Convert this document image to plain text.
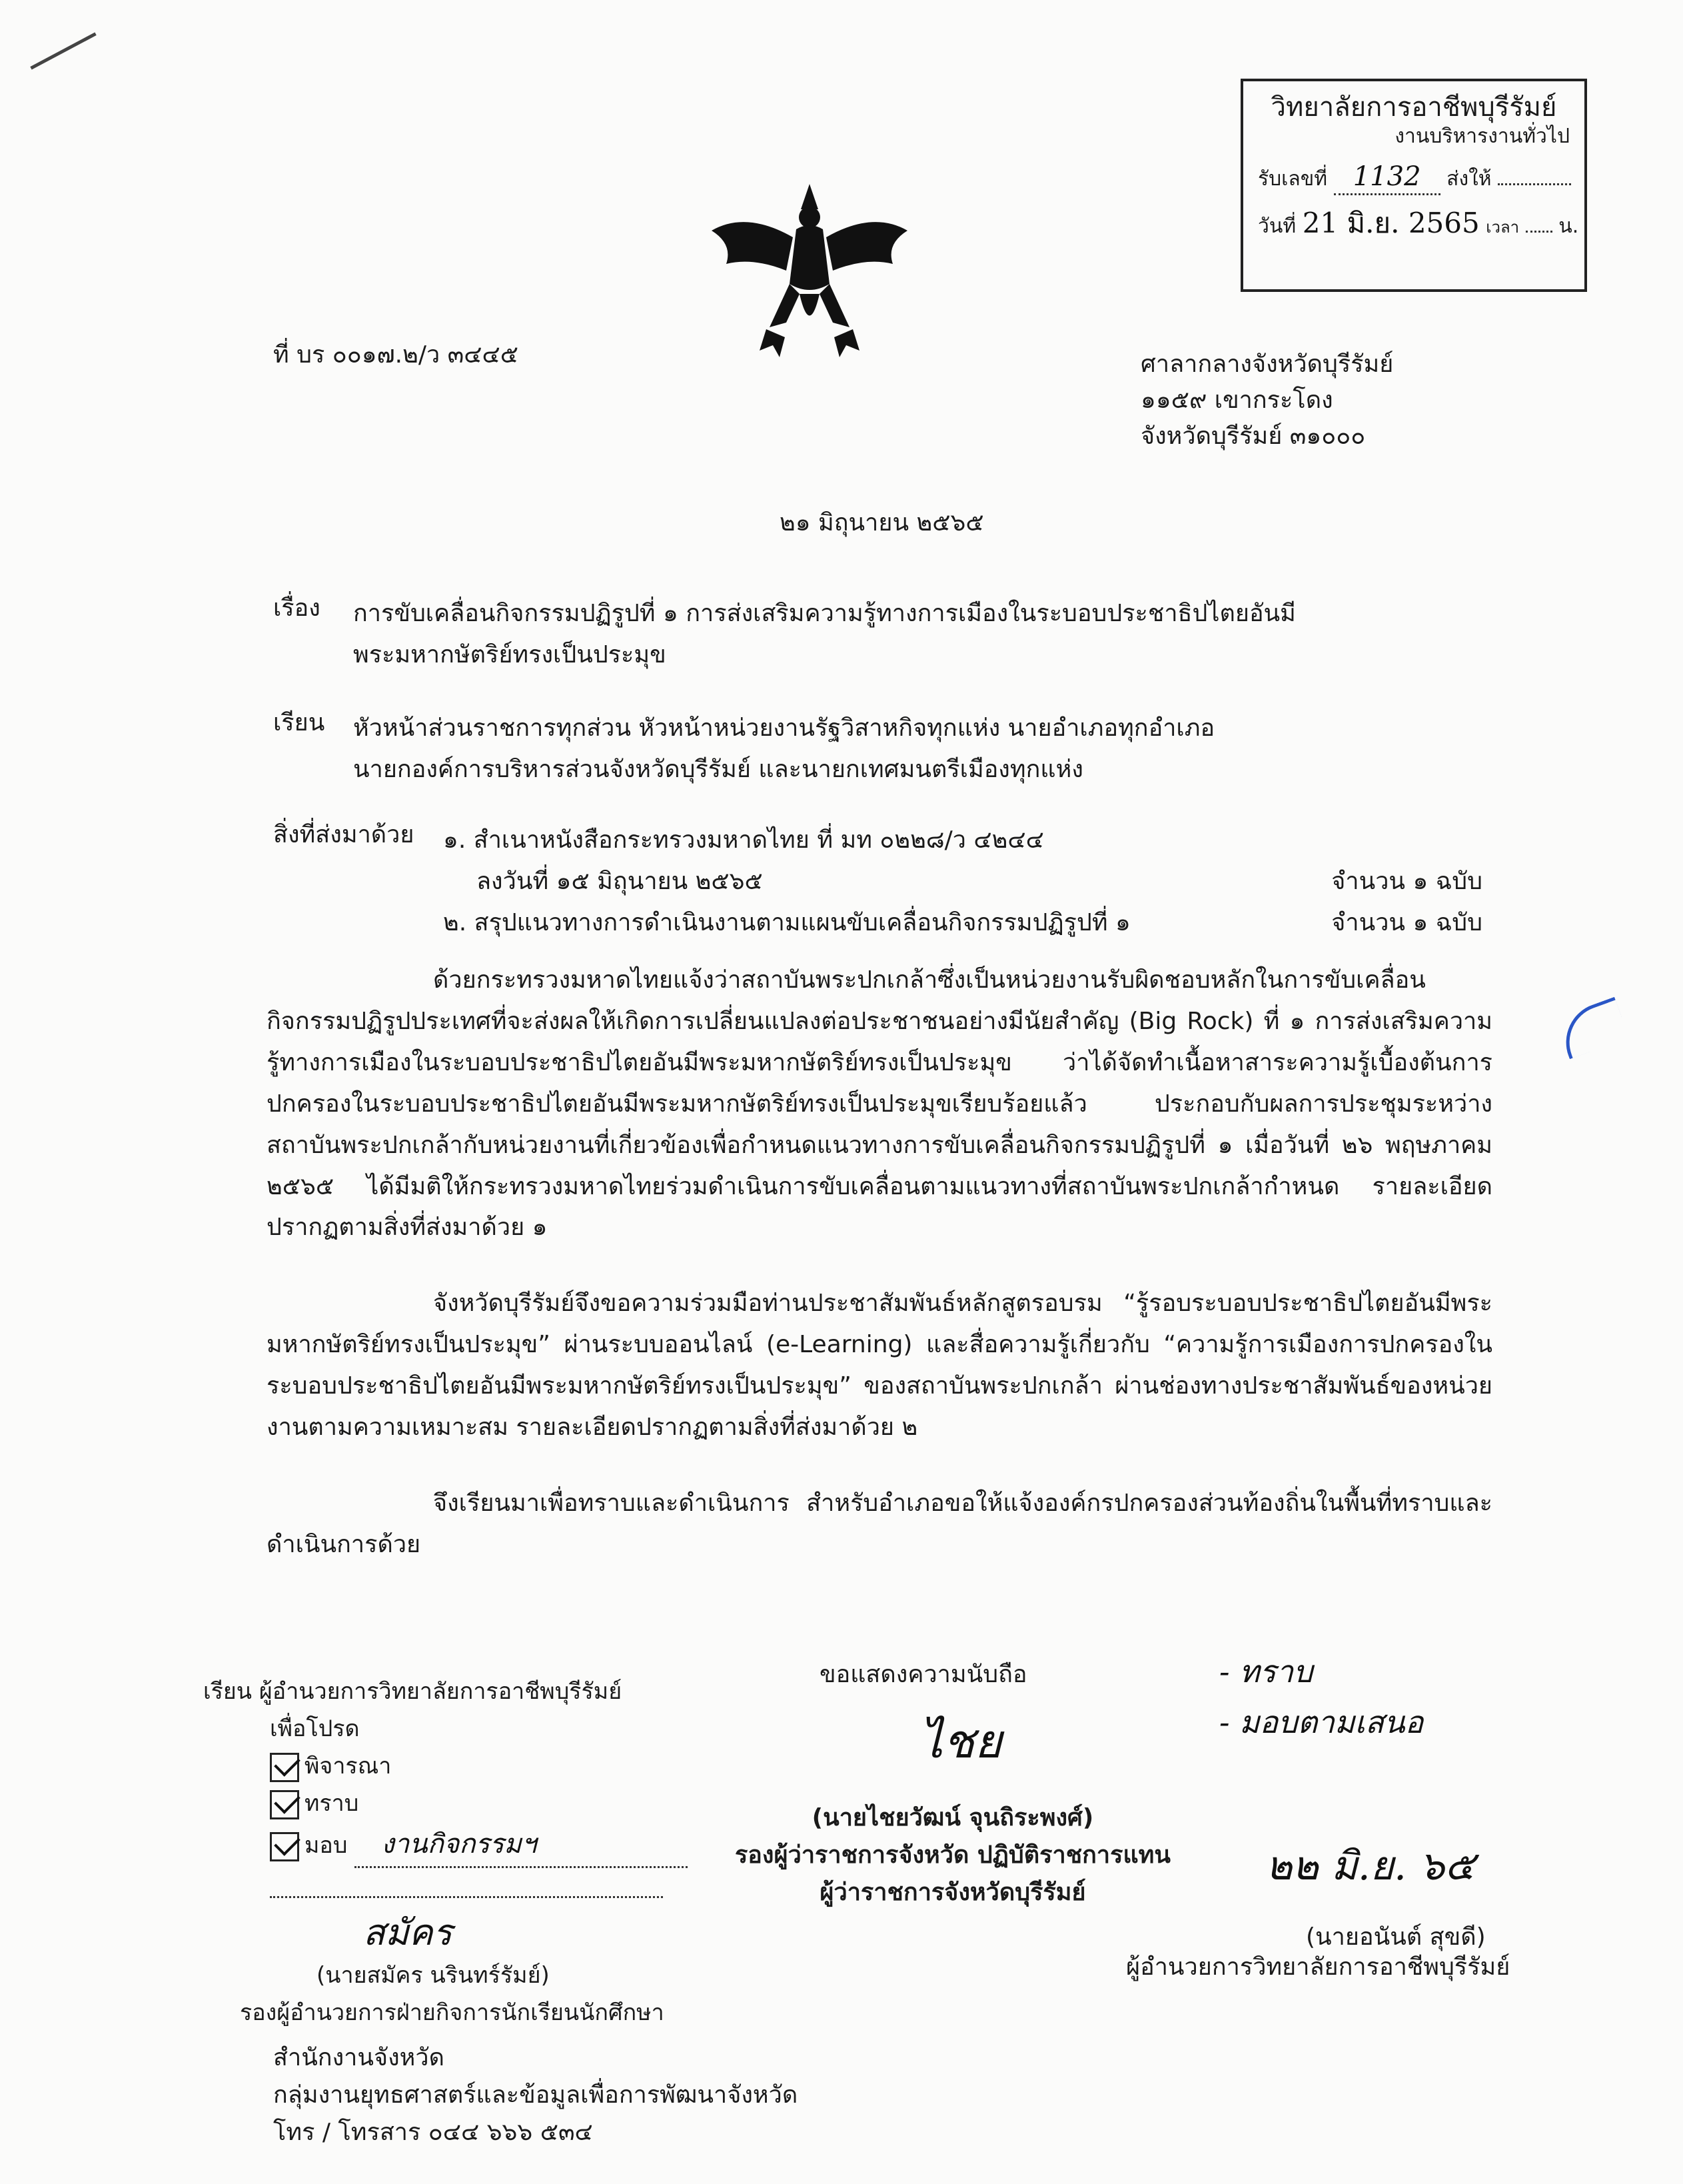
วิทยาลัยการอาชีพบุรีรัมย์
งานบริหารงานทั่วไป
รับเลขที่ 1132 ส่งให้
วันที่ 21 มิ.ย. 2565 เวลา น.
ที่ บร ๐๐๑๗.๒/ว ๓๔๔๕	ศาลากลางจังหวัดบุรีรัมย์
๑๑๕๙ เขากระโดง
จังหวัดบุรีรัมย์ ๓๑๐๐๐
๒๑ มิถุนายน ๒๕๖๕
เรื่อง การขับเคลื่อนกิจกรรมปฏิรูปที่ ๑ การส่งเสริมความรู้ทางการเมืองในระบอบประชาธิปไตยอันมี
พระมหากษัตริย์ทรงเป็นประมุข
เรียน หัวหน้าส่วนราชการทุกส่วน หัวหน้าหน่วยงานรัฐวิสาหกิจทุกแห่ง นายอำเภอทุกอำเภอ
นายกองค์การบริหารส่วนจังหวัดบุรีรัมย์ และนายกเทศมนตรีเมืองทุกแห่ง
สิ่งที่ส่งมาด้วย ๑. สำเนาหนังสือกระทรวงมหาดไทย ที่ มท ๐๒๒๘/ว ๔๒๔๔
ลงวันที่ ๑๕ มิถุนายน ๒๕๖๕	จำนวน ๑ ฉบับ
๒. สรุปแนวทางการดำเนินงานตามแผนขับเคลื่อนกิจกรรมปฏิรูปที่ ๑	จำนวน ๑ ฉบับ

ด้วยกระทรวงมหาดไทยแจ้งว่าสถาบันพระปกเกล้าซึ่งเป็นหน่วยงานรับผิดชอบหลักในการขับเคลื่อนกิจกรรมปฏิรูปประเทศที่จะส่งผลให้เกิดการเปลี่ยนแปลงต่อประชาชนอย่างมีนัยสำคัญ (Big Rock) ที่ ๑ การส่งเสริมความรู้ทางการเมืองในระบอบประชาธิปไตยอันมีพระมหากษัตริย์ทรงเป็นประมุข ว่าได้จัดทำเนื้อหาสาระความรู้เบื้องต้นการปกครองในระบอบประชาธิปไตยอันมีพระมหากษัตริย์ทรงเป็นประมุขเรียบร้อยแล้ว ประกอบกับผลการประชุมระหว่างสถาบันพระปกเกล้ากับหน่วยงานที่เกี่ยวข้องเพื่อกำหนดแนวทางการขับเคลื่อนกิจกรรมปฏิรูปที่ ๑ เมื่อวันที่ ๒๖ พฤษภาคม ๒๕๖๕ ได้มีมติให้กระทรวงมหาดไทยร่วมดำเนินการขับเคลื่อนตามแนวทางที่สถาบันพระปกเกล้ากำหนด รายละเอียดปรากฏตามสิ่งที่ส่งมาด้วย ๑

จังหวัดบุรีรัมย์จึงขอความร่วมมือท่านประชาสัมพันธ์หลักสูตรอบรม “รู้รอบระบอบประชาธิปไตยอันมีพระมหากษัตริย์ทรงเป็นประมุข” ผ่านระบบออนไลน์ (e-Learning) และสื่อความรู้เกี่ยวกับ “ความรู้การเมืองการปกครองในระบอบประชาธิปไตยอันมีพระมหากษัตริย์ทรงเป็นประมุข” ของสถาบันพระปกเกล้า ผ่านช่องทางประชาสัมพันธ์ของหน่วยงานตามความเหมาะสม รายละเอียดปรากฏตามสิ่งที่ส่งมาด้วย ๒

จึงเรียนมาเพื่อทราบและดำเนินการ สำหรับอำเภอขอให้แจ้งองค์กรปกครองส่วนท้องถิ่นในพื้นที่ทราบและดำเนินการด้วย

ขอแสดงความนับถือ
ไชย
(นายไชยวัฒน์ จุนถิระพงศ์)
รองผู้ว่าราชการจังหวัด ปฏิบัติราชการแทน
ผู้ว่าราชการจังหวัดบุรีรัมย์
เรียน ผู้อำนวยการวิทยาลัยการอาชีพบุรีรัมย์
เพื่อโปรด
พิจารณา
ทราบ
มอบ งานกิจกรรมฯ
สมัคร
(นายสมัคร นรินทร์รัมย์)
รองผู้อำนวยการฝ่ายกิจการนักเรียนนักศึกษา
- ทราบ
- มอบตามเสนอ
๒๒ มิ.ย. ๖๕
(นายอนันต์ สุขดี)
ผู้อำนวยการวิทยาลัยการอาชีพบุรีรัมย์
สำนักงานจังหวัด
กลุ่มงานยุทธศาสตร์และข้อมูลเพื่อการพัฒนาจังหวัด
โทร / โทรสาร ๐๔๔ ๖๖๖ ๕๓๔
